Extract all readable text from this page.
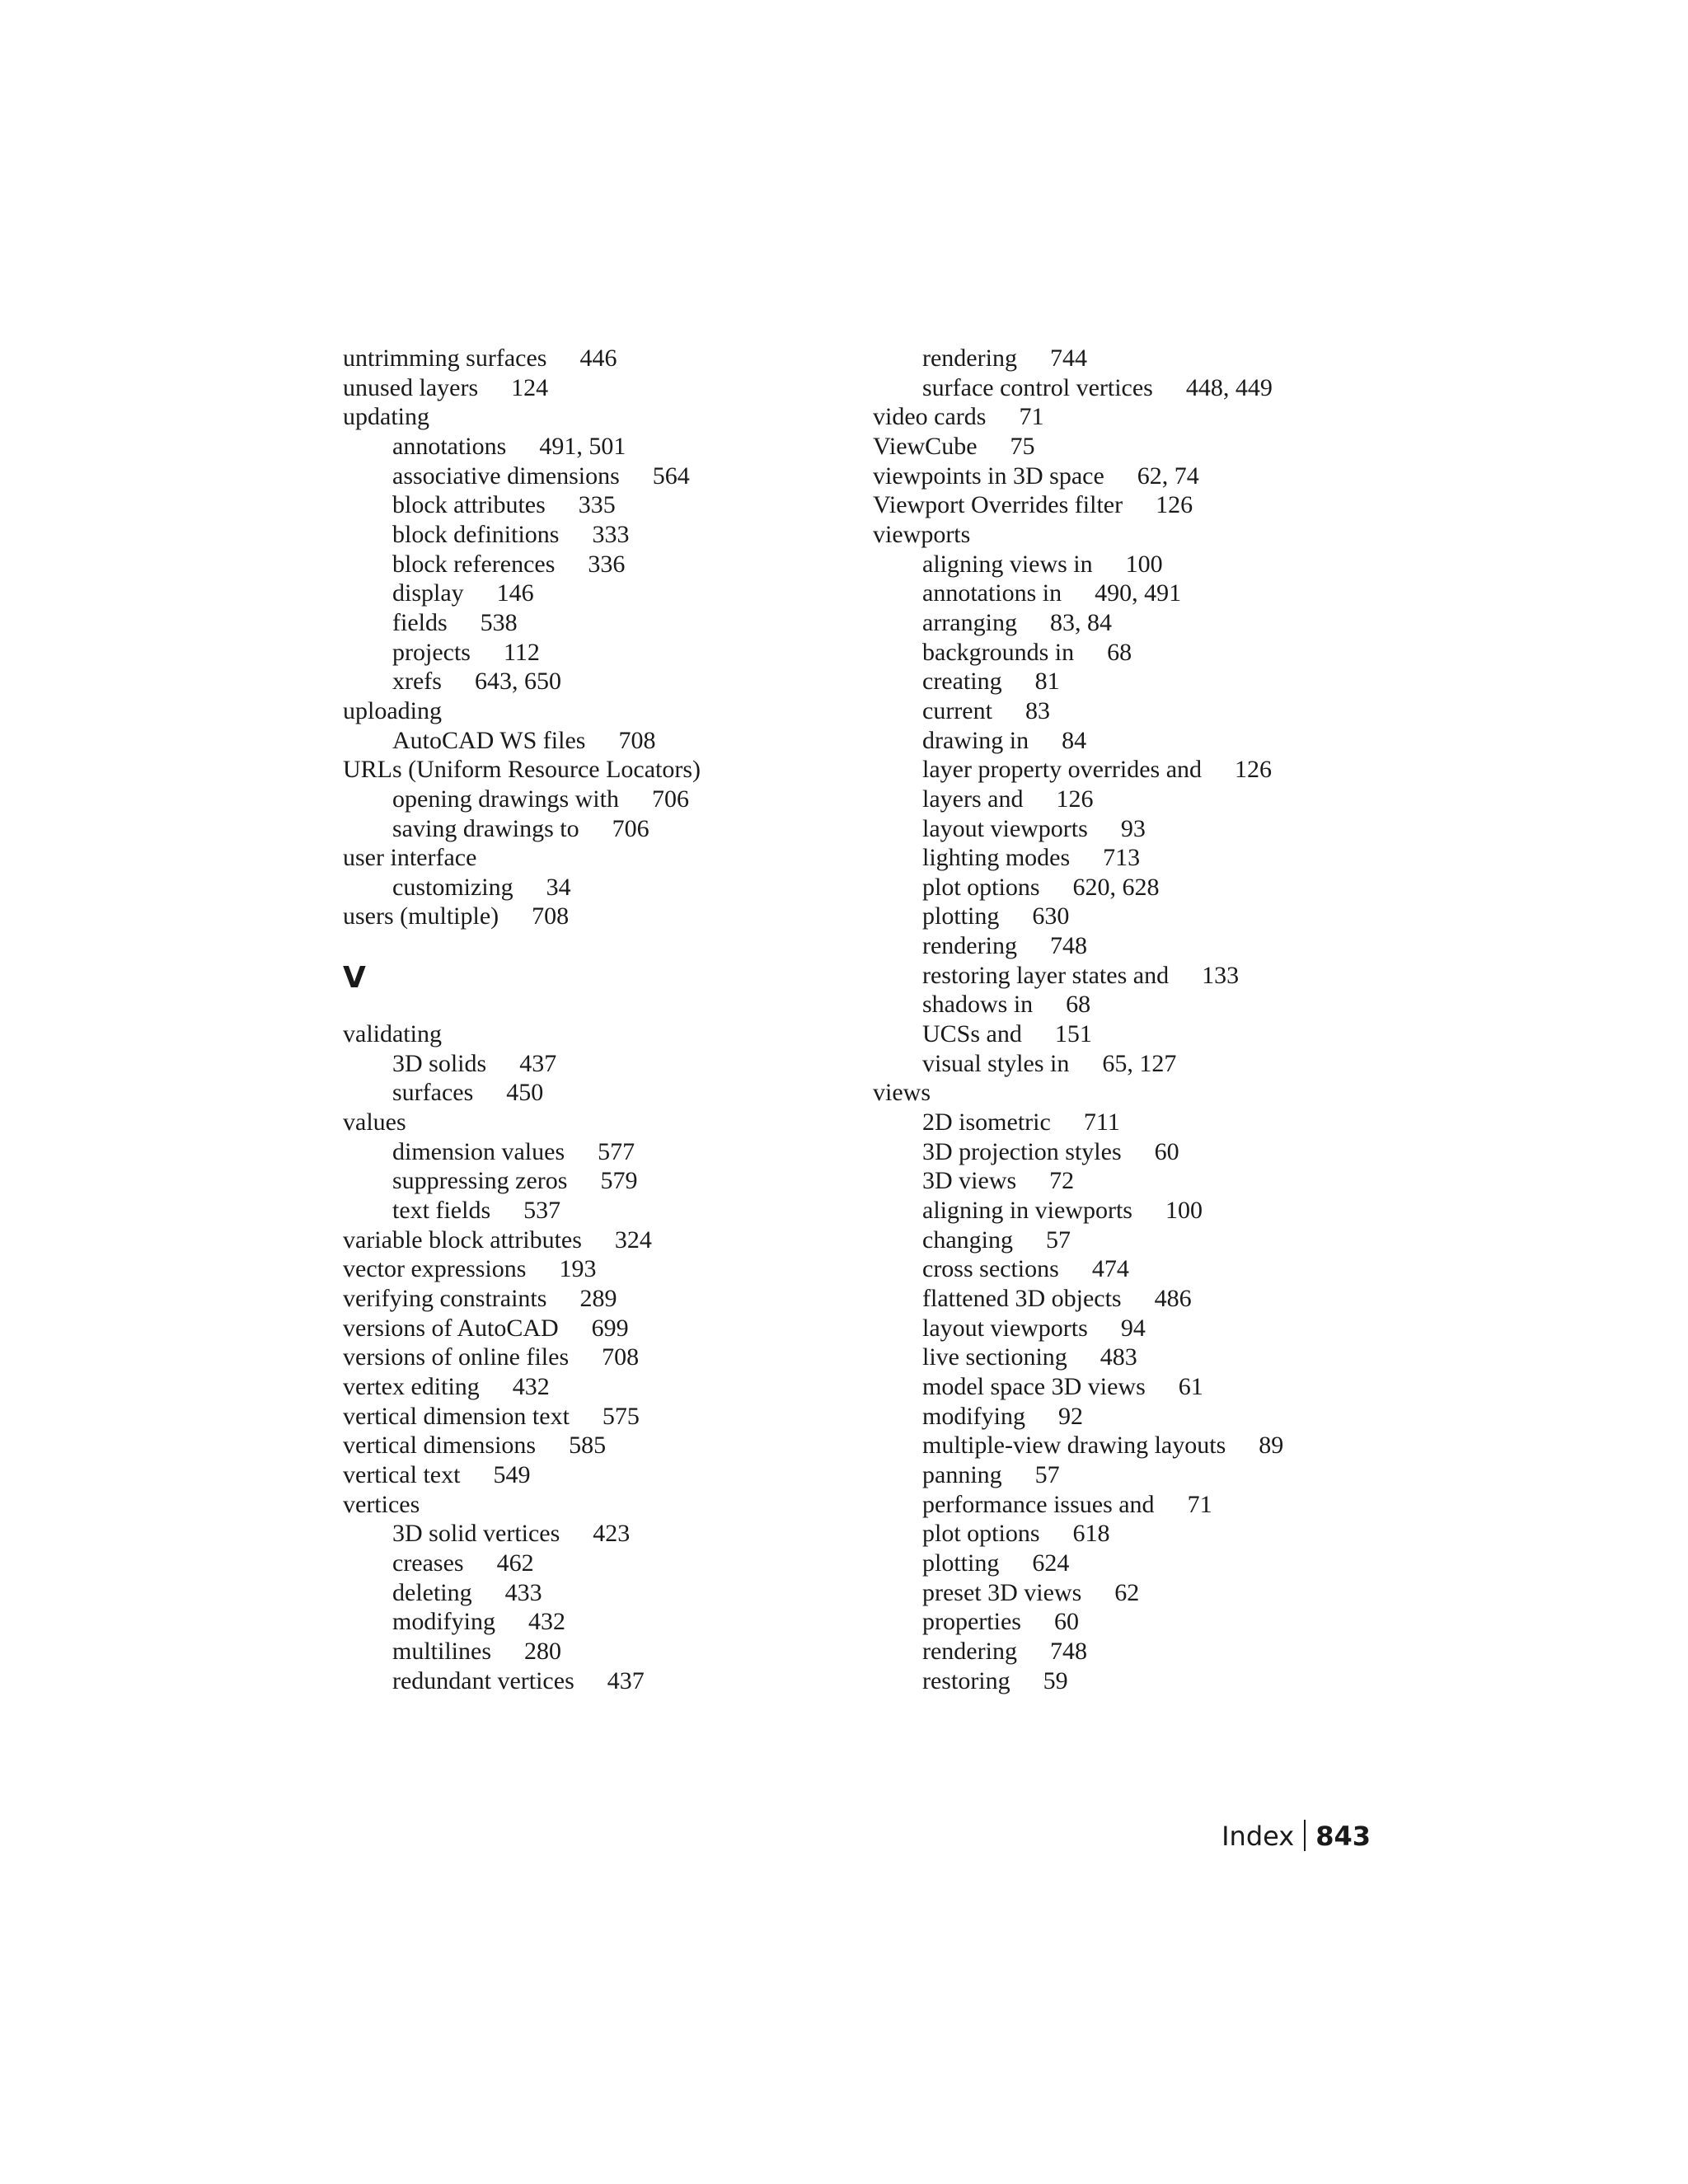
untrimming surfaces 446
unused layers 124
updating
annotations 491, 501
associative dimensions 564
block attributes 335
block definitions 333
block references 336
display 146
fields 538
projects 112
xrefs 643, 650
uploading
AutoCAD WS files 708
URLs (Uniform Resource Locators)
opening drawings with 706
saving drawings to 706
user interface
customizing 34
users (multiple) 708
V
validating
3D solids 437
surfaces 450
values
dimension values 577
suppressing zeros 579
text fields 537
variable block attributes 324
vector expressions 193
verifying constraints 289
versions of AutoCAD 699
versions of online files 708
vertex editing 432
vertical dimension text 575
vertical dimensions 585
vertical text 549
vertices
3D solid vertices 423
creases 462
deleting 433
modifying 432
multilines 280
redundant vertices 437
rendering 744
surface control vertices 448, 449
video cards 71
ViewCube 75
viewpoints in 3D space 62, 74
Viewport Overrides filter 126
viewports
aligning views in 100
annotations in 490, 491
arranging 83, 84
backgrounds in 68
creating 81
current 83
drawing in 84
layer property overrides and 126
layers and 126
layout viewports 93
lighting modes 713
plot options 620, 628
plotting 630
rendering 748
restoring layer states and 133
shadows in 68
UCSs and 151
visual styles in 65, 127
views
2D isometric 711
3D projection styles 60
3D views 72
aligning in viewports 100
changing 57
cross sections 474
flattened 3D objects 486
layout viewports 94
live sectioning 483
model space 3D views 61
modifying 92
multiple-view drawing layouts 89
panning 57
performance issues and 71
plot options 618
plotting 624
preset 3D views 62
properties 60
rendering 748
restoring 59
Index 843
